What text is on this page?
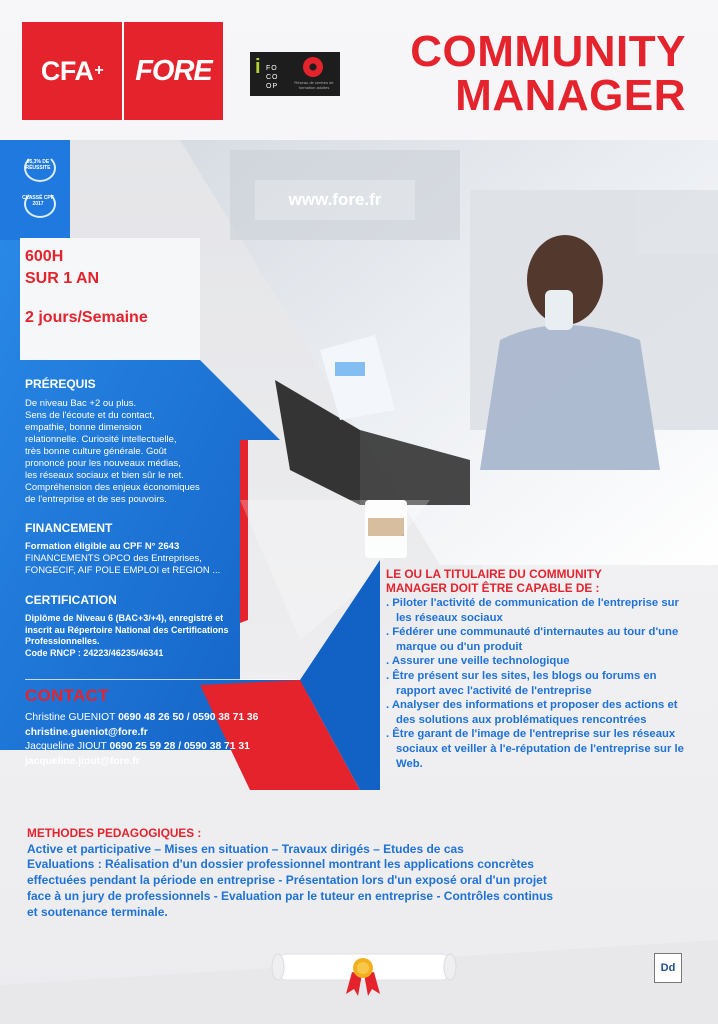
CFA + FORE i FO CO OP
Réseau de centres de formation adultes
COMMUNITY
MANAGER
www.fore.fr
95,3% DE RÉUSSITE
CLASSÉ CPF 2017
600H
SUR 1 AN
2 jours/Semaine
PRÉREQUIS
De niveau Bac +2 ou plus.
Sens de l'écoute et du contact,
empathie, bonne dimension
relationnelle. Curiosité intellectuelle,
très bonne culture générale. Goût
prononcé pour les nouveaux médias,
les réseaux sociaux et bien sûr le net.
Compréhension des enjeux économiques
de l'entreprise et de ses pouvoirs.
FINANCEMENT
Formation éligible au CPF N° 2643
FINANCEMENTS OPCO des Entreprises,
FONGECIF, AIF POLE EMPLOI et REGION ...
CERTIFICATION
Diplôme de Niveau 6 (BAC+3/+4), enregistré et
inscrit au Répertoire National des Certifications
Professionnelles.
Code RNCP : 24223/46235/46341
CONTACT
Christine GUENIOT 0690 48 26 50 / 0590 38 71 36
christine.gueniot@fore.fr
Jacqueline JIOUT 0690 25 59 28 / 0590 38 71 31
jacqueline.jiout@fore.fr
LE OU LA TITULAIRE DU COMMUNITY
MANAGER DOIT ÊTRE CAPABLE DE :
. Piloter l'activité de communication de l'entreprise sur les réseaux sociaux
. Fédérer une communauté d'internautes au tour d'une marque ou d'un produit
. Assurer une veille technologique
. Être présent sur les sites, les blogs ou forums en rapport avec l'activité de l'entreprise
. Analyser des informations et proposer des actions et des solutions aux problématiques rencontrées
. Être garant de l'image de l'entreprise sur les réseaux sociaux et veiller à l'e-réputation de l'entreprise sur le Web.
METHODES PEDAGOGIQUES :
Active et participative – Mises en situation – Travaux dirigés – Etudes de cas
Evaluations : Réalisation d'un dossier professionnel montrant les applications concrètes
effectuées pendant la période en entreprise - Présentation lors d'un exposé oral d'un projet
face à un jury de professionnels - Evaluation par le tuteur en entreprise - Contrôles continus
et soutenance terminale.
Dd
